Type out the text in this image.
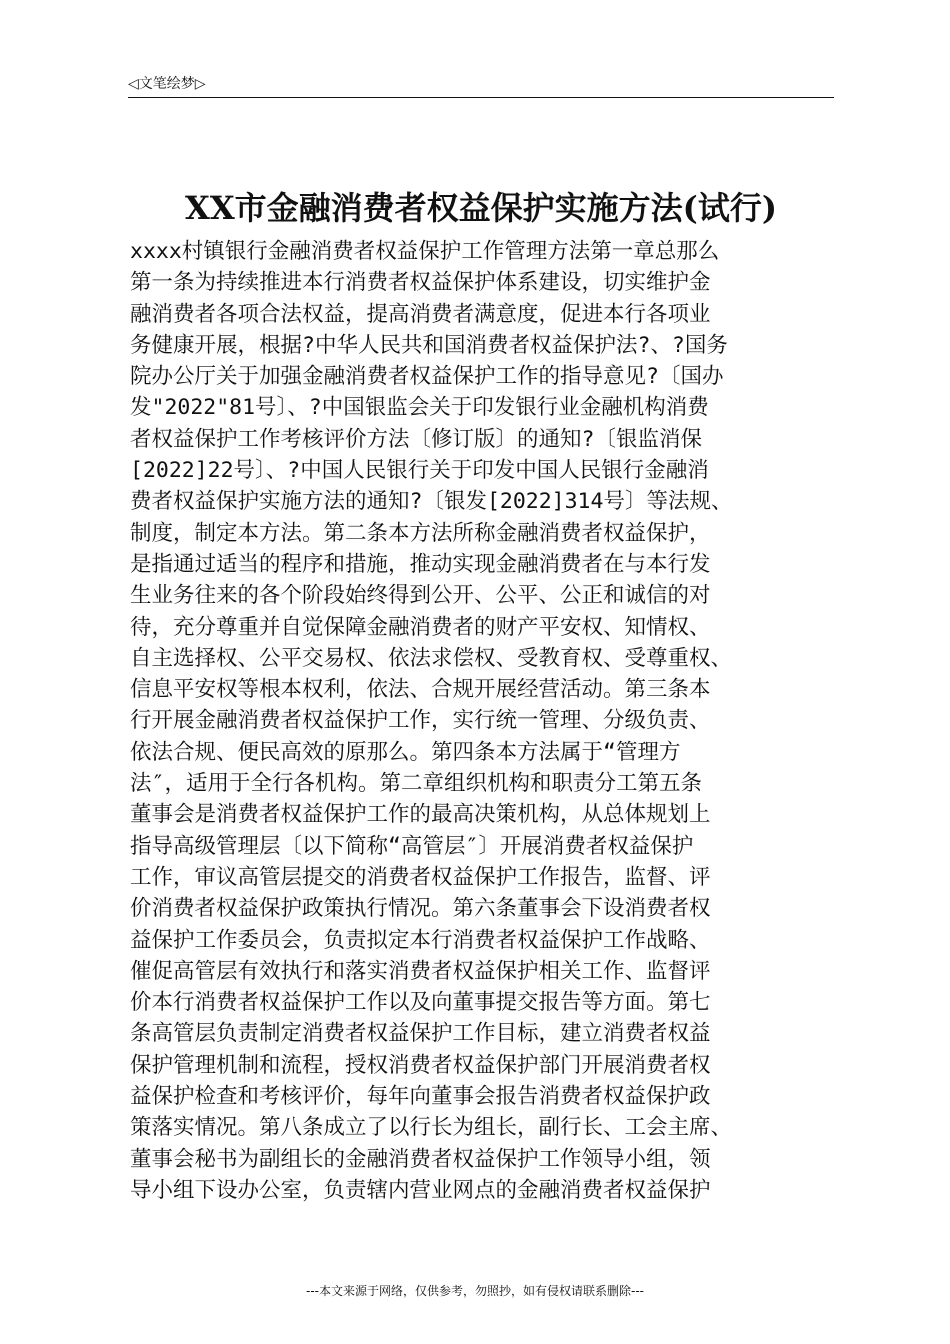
◁文笔绘梦▷
XX市金融消费者权益保护实施方法(试行)
xxxx村镇银行金融消费者权益保护工作管理方法第一章总那么
第一条为持续推进本行消费者权益保护体系建设，切实维护金
融消费者各项合法权益，提高消费者满意度，促进本行各项业
务健康开展，根据?中华人民共和国消费者权益保护法?、?国务
院办公厅关于加强金融消费者权益保护工作的指导意见?〔国办
发"2022"81号〕、?中国银监会关于印发银行业金融机构消费
者权益保护工作考核评价方法〔修订版〕的通知?〔银监消保
[2022]22号〕、?中国人民银行关于印发中国人民银行金融消
费者权益保护实施方法的通知?〔银发[2022]314号〕等法规、
制度，制定本方法。第二条本方法所称金融消费者权益保护，
是指通过适当的程序和措施，推动实现金融消费者在与本行发
生业务往来的各个阶段始终得到公开、公平、公正和诚信的对
待，充分尊重并自觉保障金融消费者的财产平安权、知情权、
自主选择权、公平交易权、依法求偿权、受教育权、受尊重权、
信息平安权等根本权利，依法、合规开展经营活动。第三条本
行开展金融消费者权益保护工作，实行统一管理、分级负责、
依法合规、便民高效的原那么。第四条本方法属于“管理方
法″，适用于全行各机构。第二章组织机构和职责分工第五条
董事会是消费者权益保护工作的最高决策机构，从总体规划上
指导高级管理层〔以下简称“高管层″〕开展消费者权益保护
工作，审议高管层提交的消费者权益保护工作报告，监督、评
价消费者权益保护政策执行情况。第六条董事会下设消费者权
益保护工作委员会，负责拟定本行消费者权益保护工作战略、
催促高管层有效执行和落实消费者权益保护相关工作、监督评
价本行消费者权益保护工作以及向董事提交报告等方面。第七
条高管层负责制定消费者权益保护工作目标，建立消费者权益
保护管理机制和流程，授权消费者权益保护部门开展消费者权
益保护检查和考核评价，每年向董事会报告消费者权益保护政
策落实情况。第八条成立了以行长为组长，副行长、工会主席、
董事会秘书为副组长的金融消费者权益保护工作领导小组，领
导小组下设办公室，负责辖内营业网点的金融消费者权益保护
---本文来源于网络，仅供参考，勿照抄，如有侵权请联系删除---
